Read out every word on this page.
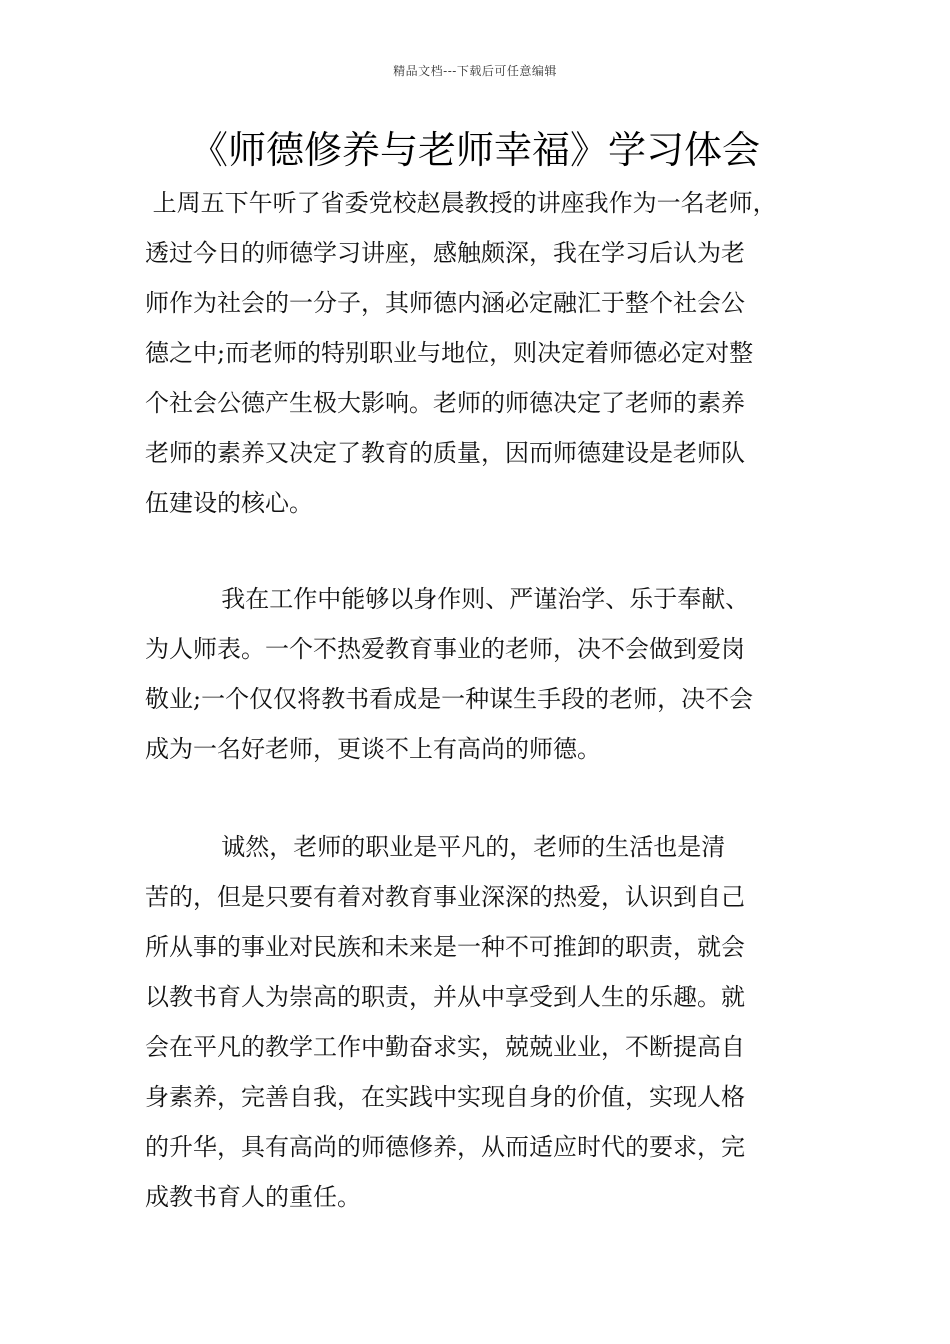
精品文档---下载后可任意编辑
《师德修养与老师幸福》学习体会
上周五下午听了省委党校赵晨教授的讲座我作为一名老师，
透过今日的师德学习讲座，感触颇深，我在学习后认为老
师作为社会的一分子，其师德内涵必定融汇于整个社会公
德之中;而老师的特别职业与地位，则决定着师德必定对整
个社会公德产生极大影响。老师的师德决定了老师的素养
老师的素养又决定了教育的质量，因而师德建设是老师队
伍建设的核心。
我在工作中能够以身作则、严谨治学、乐于奉献、
为人师表。一个不热爱教育事业的老师，决不会做到爱岗
敬业;一个仅仅将教书看成是一种谋生手段的老师，决不会
成为一名好老师，更谈不上有高尚的师德。
诚然，老师的职业是平凡的，老师的生活也是清
苦的，但是只要有着对教育事业深深的热爱，认识到自己
所从事的事业对民族和未来是一种不可推卸的职责，就会
以教书育人为崇高的职责，并从中享受到人生的乐趣。就
会在平凡的教学工作中勤奋求实，兢兢业业，不断提高自
身素养，完善自我，在实践中实现自身的价值，实现人格
的升华，具有高尚的师德修养，从而适应时代的要求，完
成教书育人的重任。
